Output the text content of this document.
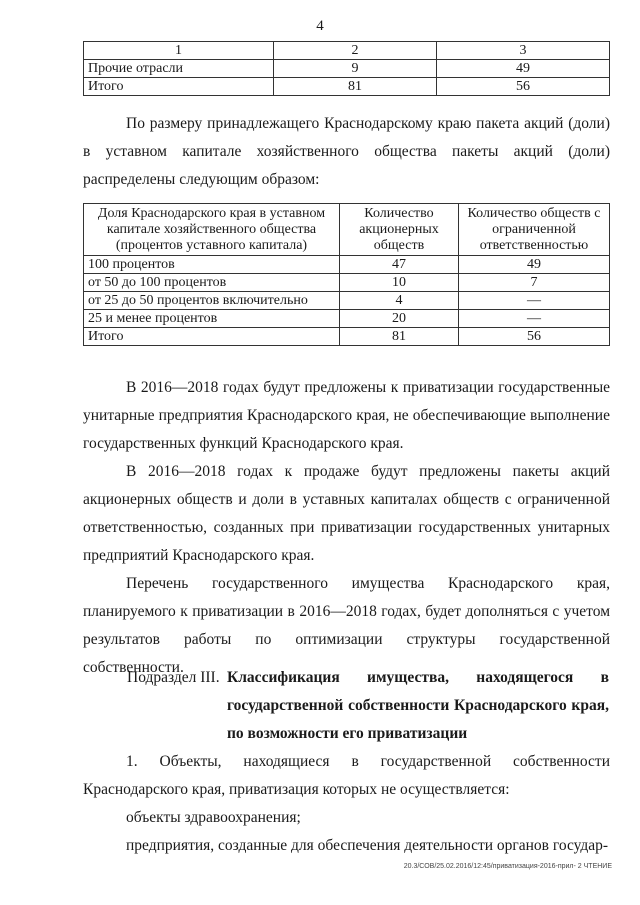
4
1	2	3
Прочие отрасли	9	49
Итого	81	56

По размеру принадлежащего Краснодарскому краю пакета акций (доли) в уставном капитале хозяйственного общества пакеты акций (доли) распределены следующим образом:

Доля Краснодарского края в уставном капитале хозяйственного общества (процентов уставного капитала)	Количество акционерных обществ	Количество обществ с ограниченной ответственностью
100 процентов	47	49
от 50 до 100 процентов	10	7
от 25 до 50 процентов включительно	4	—
25 и менее процентов	20	—
Итого	81	56

В 2016—2018 годах будут предложены к приватизации государственные унитарные предприятия Краснодарского края, не обеспечивающие выполнение государственных функций Краснодарского края.

В 2016—2018 годах к продаже будут предложены пакеты акций акционерных обществ и доли в уставных капиталах обществ с ограниченной ответственностью, созданных при приватизации государственных унитарных предприятий Краснодарского края.

Перечень государственного имущества Краснодарского края, планируемого к приватизации в 2016—2018 годах, будет дополняться с учетом результатов работы по оптимизации структуры государственной собственности.

Подраздел III. Классификация имущества, находящегося в государственной собственности Краснодарского края, по возможности его приватизации

1. Объекты, находящиеся в государственной собственности Краснодарского края, приватизация которых не осуществляется:

объекты здравоохранения;

предприятия, созданные для обеспечения деятельности органов государ-

20.3/СОВ/25.02.2016/12:45/приватизация-2016-прил- 2 ЧТЕНИЕ
